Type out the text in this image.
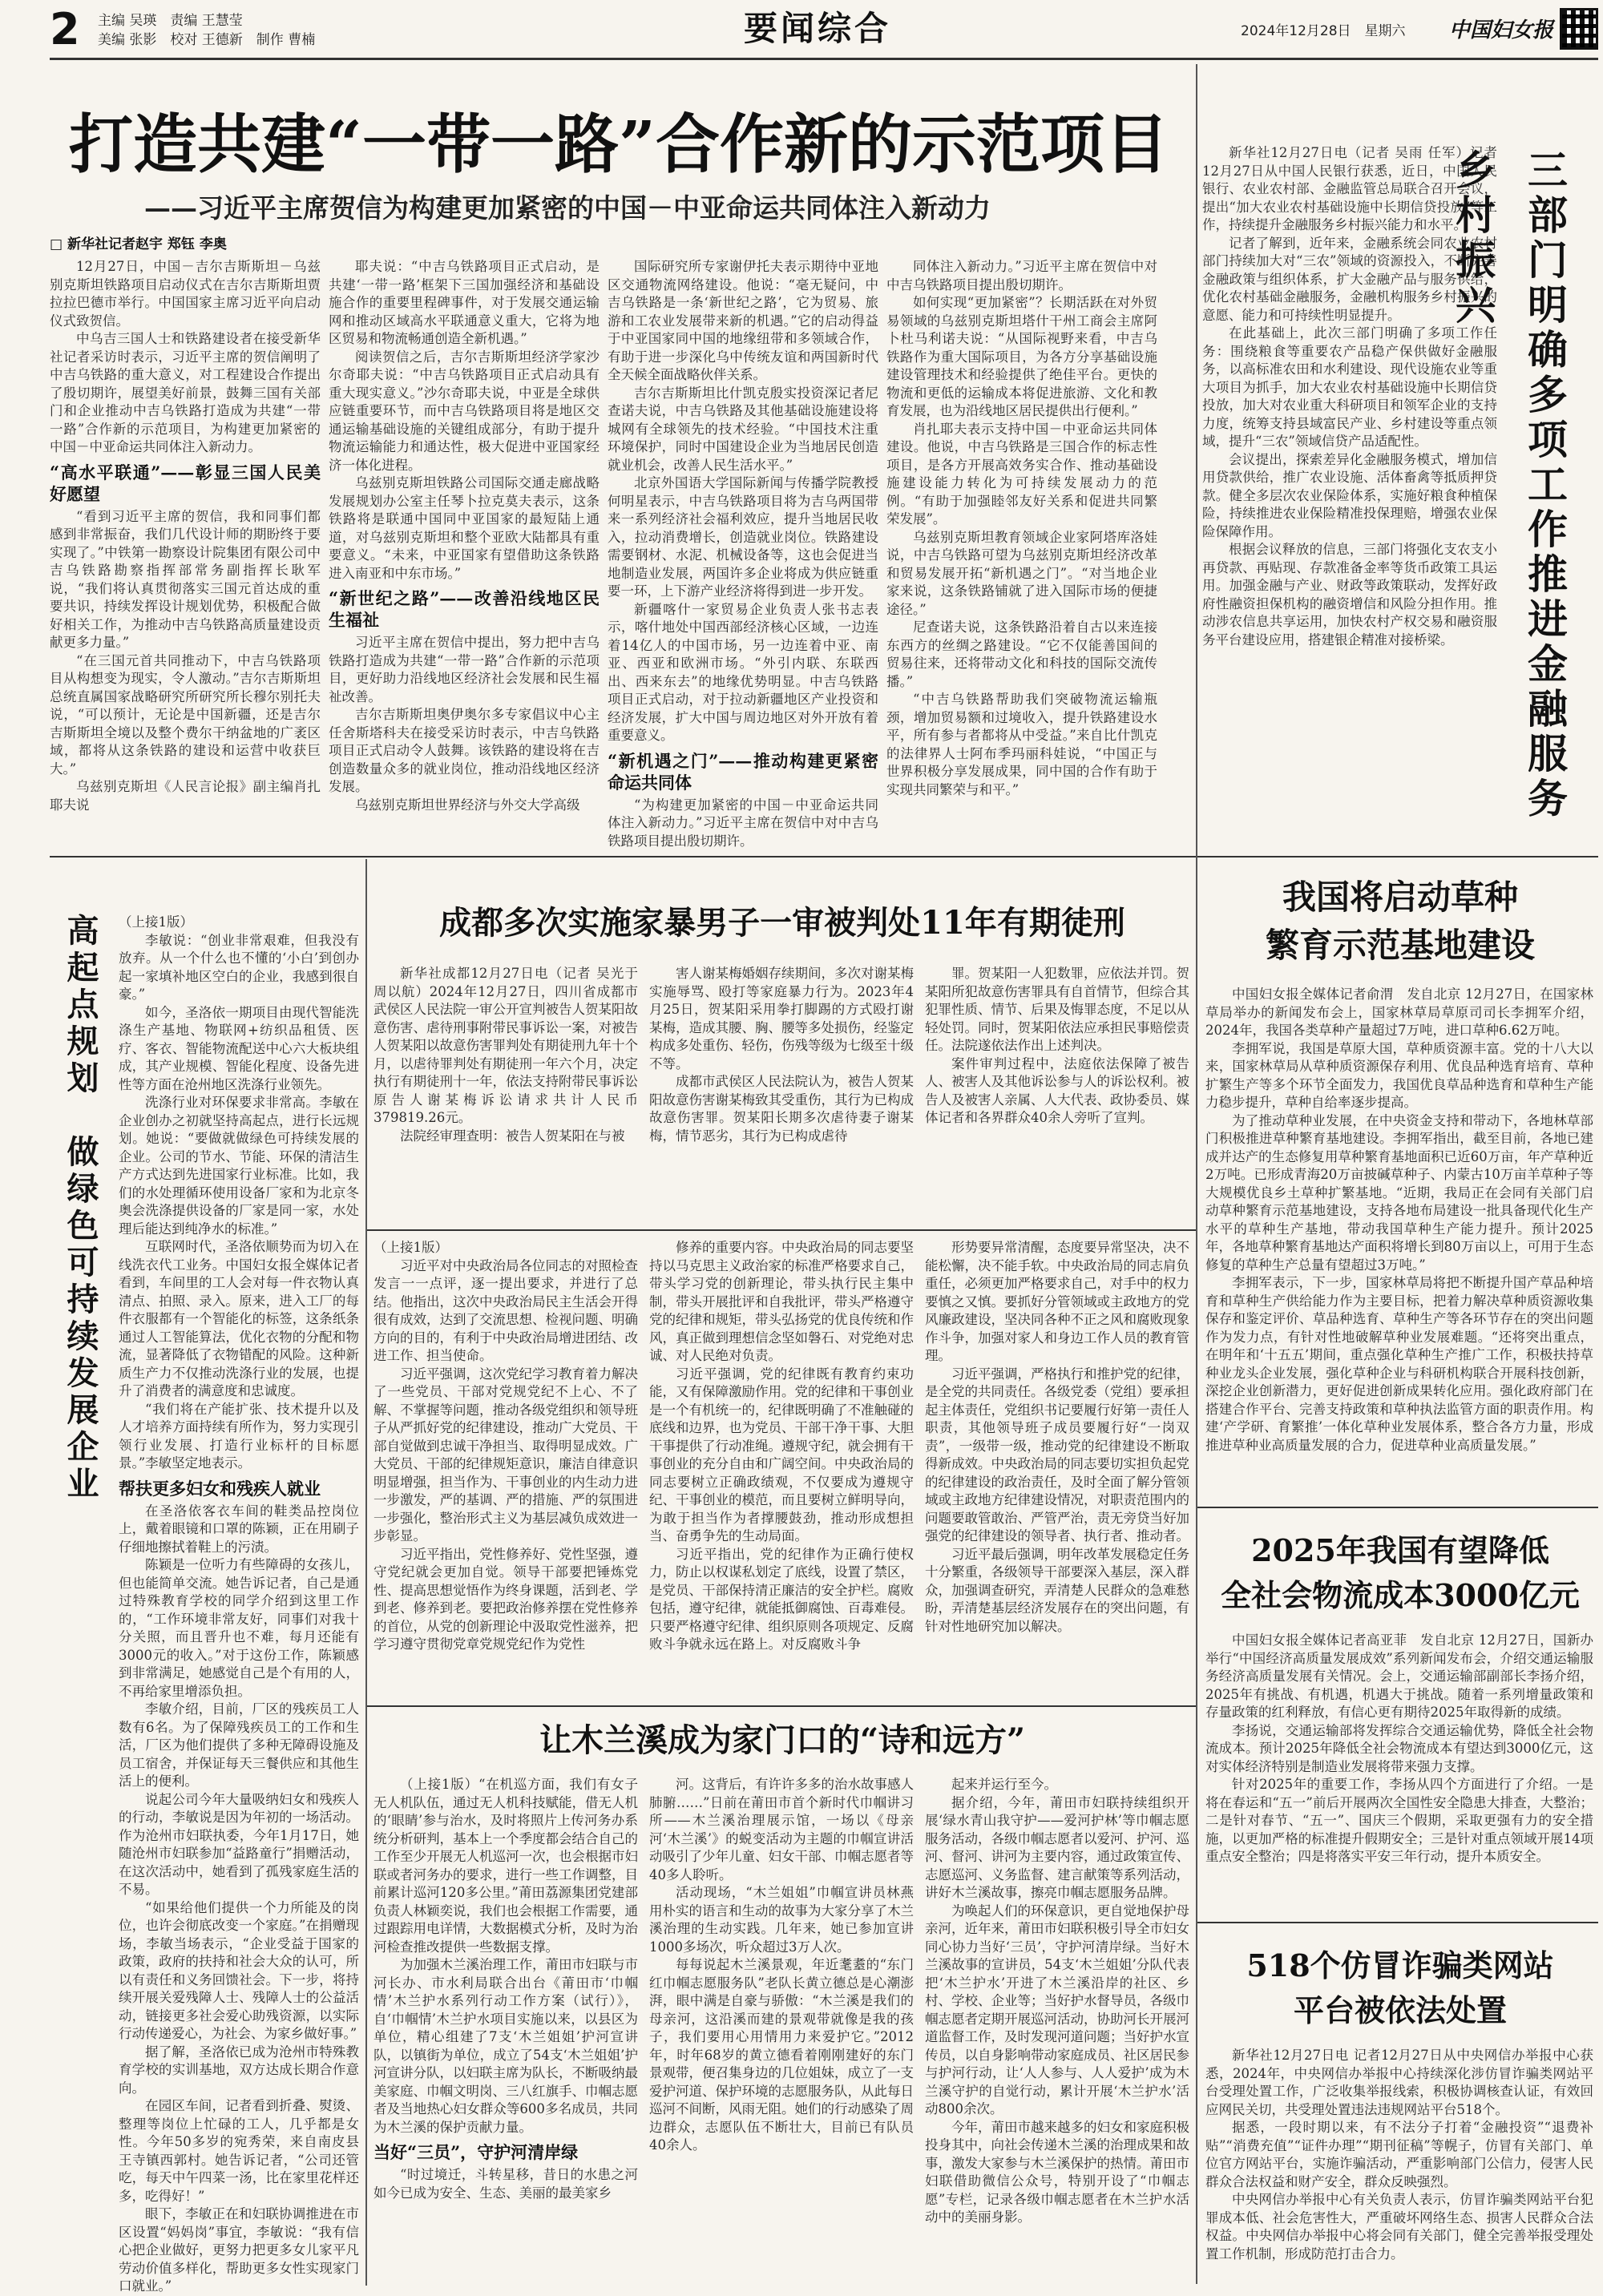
2	主编 吴瑛　责编 王慧莹
美编 张影　校对 王德新　制作 曹楠	要闻综合	2024年12月28日　星期六	中国妇女报
打造共建“一带一路”合作新的示范项目
——习近平主席贺信为构建更加紧密的中国－中亚命运共同体注入新动力
□ 新华社记者赵宇 郑钰 李奥

12月27日，中国－吉尔吉斯斯坦－乌兹别克斯坦铁路项目启动仪式在吉尔吉斯斯坦贾拉拉巴德市举行。中国国家主席习近平向启动仪式致贺信。

中乌吉三国人士和铁路建设者在接受新华社记者采访时表示，习近平主席的贺信阐明了中吉乌铁路的重大意义，对工程建设合作提出了殷切期许，展望美好前景，鼓舞三国有关部门和企业推动中吉乌铁路打造成为共建“一带一路”合作新的示范项目，为构建更加紧密的中国－中亚命运共同体注入新动力。

“高水平联通”——彰显三国人民美好愿望

“看到习近平主席的贺信，我和同事们都感到非常振奋，我们几代设计师的期盼终于要实现了。”中铁第一勘察设计院集团有限公司中吉乌铁路勘察指挥部常务副指挥长耿军说，“我们将认真贯彻落实三国元首达成的重要共识，持续发挥设计规划优势，积极配合做好相关工作，为推动中吉乌铁路高质量建设贡献更多力量。”

“在三国元首共同推动下，中吉乌铁路项目从构想变为现实，令人激动。”吉尔吉斯斯坦总统直属国家战略研究所研究所长穆尔别托夫说，“可以预计，无论是中国新疆，还是吉尔吉斯斯坦全境以及整个费尔干纳盆地的广袤区域，都将从这条铁路的建设和运营中收获巨大。”

乌兹别克斯坦《人民言论报》副主编肖扎耶夫说

耶夫说：“中吉乌铁路项目正式启动，是共建‘一带一路’框架下三国加强经济和基础设施合作的重要里程碑事件，对于发展交通运输网和推动区域高水平联通意义重大，它将为地区贸易和物流畅通创造全新机遇。”

阅读贺信之后，吉尔吉斯斯坦经济学家沙尔奇耶夫说：“中吉乌铁路项目正式启动具有重大现实意义。”沙尔奇耶夫说，中亚是全球供应链重要环节，而中吉乌铁路项目将是地区交通运输基础设施的关键组成部分，有助于提升物流运输能力和通达性，极大促进中亚国家经济一体化进程。

乌兹别克斯坦铁路公司国际交通走廊战略发展规划办公室主任琴卜拉克莫夫表示，这条铁路将是联通中国同中亚国家的最短陆上通道，对乌兹别克斯坦和整个亚欧大陆都具有重要意义。“未来，中亚国家有望借助这条铁路进入南亚和中东市场。”

“新世纪之路”——改善沿线地区民生福祉

习近平主席在贺信中提出，努力把中吉乌铁路打造成为共建“一带一路”合作新的示范项目，更好助力沿线地区经济社会发展和民生福祉改善。

吉尔吉斯斯坦奥伊奥尔多专家倡议中心主任舍斯塔科夫在接受采访时表示，中吉乌铁路项目正式启动令人鼓舞。该铁路的建设将在吉创造数量众多的就业岗位，推动沿线地区经济发展。

乌兹别克斯坦世界经济与外交大学高级

国际研究所专家谢伊托夫表示期待中亚地区交通物流网络建设。他说：“毫无疑问，中吉乌铁路是一条‘新世纪之路’，它为贸易、旅游和工农业发展带来新的机遇。”它的启动得益于中亚国家同中国的地缘纽带和多领域合作，有助于进一步深化乌中传统友谊和两国新时代全天候全面战略伙伴关系。

吉尔吉斯斯坦比什凯克殷实投资深记者尼查诺夫说，中吉乌铁路及其他基础设施建设将城网有全球领先的技术经验。“中国技术注重环境保护，同时中国建设企业为当地居民创造就业机会，改善人民生活水平。”

北京外国语大学国际新闻与传播学院教授何明星表示，中吉乌铁路项目将为吉乌两国带来一系列经济社会福利效应，提升当地居民收入，拉动消费增长，创造就业岗位。铁路建设需要钢材、水泥、机械设备等，这也会促进当地制造业发展，两国许多企业将成为供应链重要一环，上下游产业经济将得到进一步开发。

新疆喀什一家贸易企业负责人张书志表示，喀什地处中国西部经济核心区域，一边连着14亿人的中国市场，另一边连着中亚、南亚、西亚和欧洲市场。“外引内联、东联西出、西来东去”的地缘优势明显。中吉乌铁路项目正式启动，对于拉动新疆地区产业投资和经济发展，扩大中国与周边地区对外开放有着重要意义。

“新机遇之门”——推动构建更紧密命运共同体

“为构建更加紧密的中国－中亚命运共同体注入新动力。”习近平主席在贺信中对中吉乌铁路项目提出殷切期许。

同体注入新动力。”习近平主席在贺信中对中吉乌铁路项目提出殷切期许。

如何实现“更加紧密”？长期活跃在对外贸易领域的乌兹别克斯坦塔什干州工商会主席阿卜杜马利诺夫说：“从国际视野来看，中吉乌铁路作为重大国际项目，为各方分享基础设施建设管理技术和经验提供了绝佳平台。更快的物流和更低的运输成本将促进旅游、文化和教育发展，也为沿线地区居民提供出行便利。”

肖扎耶夫表示支持中国－中亚命运共同体建设。他说，中吉乌铁路是三国合作的标志性项目，是各方开展高效务实合作、推动基础设施建设能力转化为可持续发展动力的范例。“有助于加强睦邻友好关系和促进共同繁荣发展”。

乌兹别克斯坦教育领域企业家阿塔库洛娃说，中吉乌铁路可望为乌兹别克斯坦经济改革和贸易发展开拓“新机遇之门”。“对当地企业家来说，这条铁路铺就了进入国际市场的便捷途径。”

尼查诺夫说，这条铁路沿着自古以来连接东西方的丝绸之路建设。“它不仅能善国间的贸易往来，还将带动文化和科技的国际交流传播。”

“中吉乌铁路帮助我们突破物流运输瓶颈，增加贸易额和过境收入，提升铁路建设水平，所有参与者都将从中受益。”来自比什凯克的法律界人士阿布季玛丽科娃说，“中国正与世界积极分享发展成果，同中国的合作有助于实现共同繁荣与和平。”

新华社12月27日电（记者 吴雨 任军）记者12月27日从中国人民银行获悉，近日，中国人民银行、农业农村部、金融监管总局联合召开会议，提出“加大农业农村基础设施中长期信贷投放”等工作，持续提升金融服务乡村振兴能力和水平。

记者了解到，近年来，金融系统会同农业农村部门持续加大对“三农”领域的资源投入，不断完善金融政策与组织体系，扩大金融产品与服务供给，优化农村基础金融服务，金融机构服务乡村振兴的意愿、能力和可持续性明显提升。

在此基础上，此次三部门明确了多项工作任务：围绕粮食等重要农产品稳产保供做好金融服务，以高标准农田和水利建设、现代设施农业等重大项目为抓手，加大农业农村基础设施中长期信贷投放，加大对农业重大科研项目和领军企业的支持力度，统筹支持县域富民产业、乡村建设等重点领域，提升“三农”领域信贷产品适配性。

会议提出，探索差异化金融服务模式，增加信用贷款供给，推广农业设施、活体畜禽等抵质押贷款。健全多层次农业保险体系，实施好粮食种植保险，持续推进农业保险精准投保理赔，增强农业保险保障作用。

根据会议释放的信息，三部门将强化支农支小再贷款、再贴现、存款准备金率等货币政策工具运用。加强金融与产业、财政等政策联动，发挥好政府性融资担保机构的融资增信和风险分担作用。推动涉农信息共享运用，加快农村产权交易和融资服务平台建设应用，搭建银企精准对接桥梁。	三部门明确多项工作推进金融服务乡村振兴
高起点规划　做绿色可持续发展企业	（上接1版）

李敏说：“创业非常艰难，但我没有放弃。从一个什么也不懂的‘小白’到创办起一家填补地区空白的企业，我感到很自豪。”

如今，圣洛依一期项目由现代智能洗涤生产基地、物联网+纺织品租赁、医疗、客衣、智能物流配送中心六大板块组成，其产业规模、智能化程度、设备先进性等方面在沧州地区洗涤行业领先。

洗涤行业对环保要求非常高。李敏在企业创办之初就坚持高起点，进行长远规划。她说：“要做就做绿色可持续发展的企业。公司的节水、节能、环保的清洁生产方式达到先进国家行业标准。比如，我们的水处理循环使用设备厂家和为北京冬奥会洗涤提供设备的厂家是同一家，水处理后能达到纯净水的标准。”

互联网时代，圣洛依顺势而为切入在线洗衣代工业务。中国妇女报全媒体记者看到，车间里的工人会对每一件衣物认真清点、拍照、录入。原来，进入工厂的每件衣服都有一个智能化的标签，这条纸条通过人工智能算法，优化衣物的分配和物流，显著降低了衣物错配的风险。这种新质生产力不仅推动洗涤行业的发展，也提升了消费者的满意度和忠诚度。

“我们将在产能扩张、技术提升以及人才培养方面持续有所作为，努力实现引领行业发展、打造行业标杆的目标愿景。”李敏坚定地表示。

帮扶更多妇女和残疾人就业

在圣洛依客衣车间的鞋类品控岗位上，戴着眼镜和口罩的陈颖，正在用刷子仔细地擦拭着鞋上的污渍。

陈颖是一位听力有些障碍的女孩儿，但也能简单交流。她告诉记者，自己是通过特殊教育学校的同学介绍到这里工作的，“工作环境非常友好，同事们对我十分关照，而且晋升也不难，每月还能有3000元的收入。”对于这份工作，陈颖感到非常满足，她感觉自己是个有用的人，不再给家里增添负担。

李敏介绍，目前，厂区的残疾员工人数有6名。为了保障残疾员工的工作和生活，厂区为他们提供了多种无障碍设施及员工宿舍，并保证每天三餐供应和其他生活上的便利。

说起公司今年大量吸纳妇女和残疾人的行动，李敏说是因为年初的一场活动。作为沧州市妇联执委，今年1月17日，她随沧州市妇联参加“益路童行”捐赠活动，在这次活动中，她看到了孤残家庭生活的不易。

“如果给他们提供一个力所能及的岗位，也许会彻底改变一个家庭。”在捐赠现场，李敏当场表示，“企业受益于国家的政策，政府的扶持和社会大众的认可，所以有责任和义务回馈社会。下一步，将持续开展关爱残障人士、残障人士的公益活动，链接更多社会爱心助残资源，以实际行动传递爱心，为社会、为家乡做好事。”

据了解，圣洛依已成为沧州市特殊教育学校的实训基地，双方达成长期合作意向。

在园区车间，记者看到折叠、熨烫、整理等岗位上忙碌的工人，几乎都是女性。今年50多岁的宛秀荣，来自南皮县王寺镇西郭村。她告诉记者，“公司还管吃，每天中午四菜一汤，比在家里花样还多，吃得好！”

眼下，李敏正在和妇联协调推进在市区设置“妈妈岗”事宜，李敏说：“我有信心把企业做好，更努力把更多女儿家平凡劳动价值多样化，帮助更多女性实现家门口就业。”

成都多次实施家暴男子一审被判处11年有期徒刑

新华社成都12月27日电（记者 吴光于 周以航）2024年12月27日，四川省成都市武侯区人民法院一审公开宣判被告人贺某阳故意伤害、虐待刑事附带民事诉讼一案，对被告人贺某阳以故意伤害罪判处有期徒刑九年十个月，以虐待罪判处有期徒刑一年六个月，决定执行有期徒刑十一年，依法支持附带民事诉讼原告人谢某梅诉讼请求共计人民币379819.26元。

法院经审理查明：被告人贺某阳在与被

害人谢某梅婚姻存续期间，多次对谢某梅实施辱骂、殴打等家庭暴力行为。2023年4月25日，贺某阳采用拳打脚踢的方式殴打谢某梅，造成其腰、胸、腰等多处损伤，经鉴定构成多处重伤、轻伤，伤残等级为七级至十级不等。

成都市武侯区人民法院认为，被告人贺某阳故意伤害谢某梅致其受重伤，其行为已构成故意伤害罪。贺某阳长期多次虐待妻子谢某梅，情节恶劣，其行为已构成虐待

罪。贺某阳一人犯数罪，应依法并罚。贺某阳所犯故意伤害罪具有自首情节，但综合其犯罪性质、情节、后果及悔罪态度，不足以从轻处罚。同时，贺某阳依法应承担民事赔偿责任。法院遂依法作出上述判决。

案件审判过程中，法庭依法保障了被告人、被害人及其他诉讼参与人的诉讼权利。被告人及被害人亲属、人大代表、政协委员、媒体记者和各界群众40余人旁听了宣判。

（上接1版）

习近平对中央政治局各位同志的对照检查发言一一点评，逐一提出要求，并进行了总结。他指出，这次中央政治局民主生活会开得很有成效，达到了交流思想、检视问题、明确方向的目的，有利于中央政治局增进团结、改进工作、担当使命。

习近平强调，这次党纪学习教育着力解决了一些党员、干部对党规党纪不上心、不了解、不掌握等问题，推动各级党组织和领导班子从严抓好党的纪律建设，推动广大党员、干部自觉做到忠诚干净担当、取得明显成效。广大党员、干部的纪律规矩意识，廉洁自律意识明显增强，担当作为、干事创业的内生动力进一步激发，严的基调、严的措施、严的氛围进一步强化，整治形式主义为基层减负成效进一步彰显。

习近平指出，党性修养好、党性坚强，遵守党纪就会更加自觉。领导干部要把锤炼党性、提高思想觉悟作为终身课题，活到老、学到老、修养到老。要把政治修养摆在党性修养的首位，从党的创新理论中汲取党性滋养，把学习遵守贯彻党章党规党纪作为党性

修养的重要内容。中央政治局的同志要坚持以马克思主义政治家的标准严格要求自己，带头学习党的创新理论，带头执行民主集中制，带头开展批评和自我批评，带头严格遵守党的纪律和规矩，带头弘扬党的优良传统和作风，真正做到理想信念坚如磐石、对党绝对忠诚、对人民绝对负责。

习近平强调，党的纪律既有教育约束功能，又有保障激励作用。党的纪律和干事创业是一个有机统一的，纪律既明确了不准触碰的底线和边界，也为党员、干部干净干事、大胆干事提供了行动准绳。遵规守纪，就会拥有干事创业的充分自由和广阔空间。中央政治局的同志要树立正确政绩观，不仅要成为遵规守纪、干事创业的模范，而且要树立鲜明导向，为敢于担当作为者撑腰鼓劲，推动形成想担当、奋勇争先的生动局面。

习近平指出，党的纪律作为正确行使权力，防止以权谋私划定了底线，设置了禁区，是党员、干部保持清正廉洁的安全护栏。腐败包括，遵守纪律，就能抵御腐蚀、百毒难侵。只要严格遵守纪律、组织原则各项规定、反腐败斗争就永远在路上。对反腐败斗争

形势要异常清醒，态度要异常坚决，决不能松懈，决不能手软。中央政治局的同志肩负重任，必须更加严格要求自己，对手中的权力要慎之又慎。要抓好分管领域或主政地方的党风廉政建设，坚决同各种不正之风和腐败现象作斗争，加强对家人和身边工作人员的教育管理。

习近平强调，严格执行和推护党的纪律，是全党的共同责任。各级党委（党组）要承担起主体责任，党组织书记要履行好第一责任人职责，其他领导班子成员要履行好“一岗双责”，一级带一级，推动党的纪律建设不断取得新成效。中央政治局的同志要切实担负起党的纪律建设的政治责任，及时全面了解分管领域或主政地方纪律建设情况，对职责范围内的问题要敢管敢治、严管严治，责无旁贷当好加强党的纪律建设的领导者、执行者、推动者。

习近平最后强调，明年改革发展稳定任务十分繁重，各级领导干部要深入基层，深入群众，加强调查研究，弄清楚人民群众的急难愁盼，弄清楚基层经济发展存在的突出问题，有针对性地研究加以解决。

让木兰溪成为家门口的“诗和远方”

（上接1版）“在机巡方面，我们有女子无人机队伍，通过无人机科技赋能，借无人机的‘眼睛’参与治水，及时将照片上传河务办系统分析研判，基本上一个季度都会结合自己的工作至少开展无人机巡河一次，也会根据市妇联或者河务办的要求，进行一些工作调整，目前累计巡河120多公里。”莆田荔源集团党建部负责人林颖奕说，我们也会根据工作需要，通过跟踪用电详情，大数据模式分析，及时为治河检查推改提供一些数据支撑。

为加强木兰溪治理工作，莆田市妇联与市河长办、市水利局联合出台《莆田市‘巾帼情’木兰护水系列行动工作方案（试行）》，自‘巾帼情’木兰护水项目实施以来，以县区为单位，精心组建了7支‘木兰姐姐’护河宣讲队，以镇街为单位，成立了54支‘木兰姐姐’护河宣讲分队，以妇联主席为队长，不断吸纳最美家庭、巾帼文明岗、三八红旗手、巾帼志愿者及当地热心妇女群众等600多名成员，共同为木兰溪的保护贡献力量。

当好“三员”，守护河清岸绿

“时过境迁，斗转星移，昔日的水患之河如今已成为安全、生态、美丽的最美家乡

河。这背后，有许许多多的治水故事感人肺腑……”日前在莆田市首个新时代巾帼讲习所——木兰溪治理展示馆，一场以《母亲河‘木兰溪’》的蜕变活动为主题的巾帼宣讲活动吸引了少年儿童、妇女干部、巾帼志愿者等40多人聆听。

活动现场，“木兰姐姐”巾帼宣讲员林燕用朴实的语言和生动的故事为大家分享了木兰溪治理的生动实践。几年来，她已参加宣讲1000多场次，听众超过3万人次。

每每说起木兰溪景观，年近耄耋的“东门红巾帼志愿服务队”老队长黄立德总是心潮澎湃，眼中满是自豪与骄傲：“木兰溪是我们的母亲河，这沿溪而建的景观带就像是我的孩子，我们要用心用情用力来爱护它。”2012年，时年68岁的黄立德看着刚刚建好的东门景观带，便召集身边的几位姐妹，成立了一支爱护河道、保护环境的志愿服务队，从此每日巡河不间断，风雨无阻。她们的行动感染了周边群众，志愿队伍不断壮大，目前已有队员40余人。

起来并运行至今。

据介绍，今年，莆田市妇联持续组织开展‘绿水青山我守护——爱河护林’等巾帼志愿服务活动，各级巾帼志愿者以爱河、护河、巡河、督河、讲河为主要内容，通过政策宣传、志愿巡河、义务监督、建言献策等系列活动，讲好木兰溪故事，擦亮巾帼志愿服务品牌。

为唤起人们的环保意识，更自觉地保护母亲河，近年来，莆田市妇联积极引导全市妇女同心协力当好‘三员’，守护河清岸绿。当好木兰溪故事的宣讲员，54支‘木兰姐姐’分队代表把‘木兰护水’开进了木兰溪沿岸的社区、乡村、学校、企业等；当好护水督导员，各级巾帼志愿者定期开展巡河活动，协助河长开展河道监督工作，及时发现河道问题；当好护水宣传员，以自身影响带动家庭成员、社区居民参与护河行动，让‘人人参与、人人爱护’成为木兰溪守护的自觉行动，累计开展‘木兰护水’活动800余次。

今年，莆田市越来越多的妇女和家庭积极投身其中，向社会传递木兰溪的治理成果和故事，激发大家参与木兰溪保护的热情。莆田市妇联借助微信公众号，特别开设了“巾帼志愿”专栏，记录各级巾帼志愿者在木兰护水活动中的美丽身影。

我国将启动草种
繁育示范基地建设

中国妇女报全媒体记者俞渭　发自北京 12月27日，在国家林草局举办的新闻发布会上，国家林草局草原司司长李拥军介绍，2024年，我国各类草种产量超过7万吨，进口草种6.62万吨。

李拥军说，我国是草原大国，草种质资源丰富。党的十八大以来，国家林草局从草种质资源保存利用、优良品种选育培育、草种扩繁生产等多个环节全面发力，我国优良草品种选育和草种生产能力稳步提升，草种自给率逐步提高。

为了推动草种业发展，在中央资金支持和带动下，各地林草部门积极推进草种繁育基地建设。李拥军指出，截至目前，各地已建成并达产的生态修复用草种繁育基地面积已近60万亩，年产草种近2万吨。已形成青海20万亩披碱草种子、内蒙古10万亩羊草种子等大规模优良乡土草种扩繁基地。“近期，我局正在会同有关部门启动草种繁育示范基地建设，支持各地布局建设一批具备现代化生产水平的草种生产基地，带动我国草种生产能力提升。预计2025年，各地草种繁育基地达产面积将增长到80万亩以上，可用于生态修复的草种生产总量有望超过3万吨。”

李拥军表示，下一步，国家林草局将把不断提升国产草品种培育和草种生产供给能力作为主要目标，把着力解决草种质资源收集保存和鉴定评价、草品种选育、草种生产等各环节存在的突出问题作为发力点，有针对性地破解草种业发展难题。“还将突出重点，在明年和‘十五五’期间，重点强化草种生产推广工作，积极扶持草种业龙头企业发展，强化草种企业与科研机构联合开展科技创新，深挖企业创新潜力，更好促进创新成果转化应用。强化政府部门在搭建合作平台、完善支持政策和草种执法监管方面的职责作用。构建‘产学研、育繁推’一体化草种业发展体系，整合各方力量，形成推进草种业高质量发展的合力，促进草种业高质量发展。”

2025年我国有望降低
全社会物流成本3000亿元

中国妇女报全媒体记者高亚菲　发自北京 12月27日，国新办举行“中国经济高质量发展成效”系列新闻发布会，介绍交通运输服务经济高质量发展有关情况。会上，交通运输部副部长李扬介绍，2025年有挑战、有机遇，机遇大于挑战。随着一系列增量政策和存量政策的红利释放，有信心更有期待2025年取得新的成绩。

李扬说，交通运输部将发挥综合交通运输优势，降低全社会物流成本。预计2025年降低全社会物流成本有望达到3000亿元，这对实体经济特别是制造业发展将带来强力支撑。

针对2025年的重要工作，李扬从四个方面进行了介绍。一是将在春运和“五一”前后开展两次全国性安全隐患大排查，大整治；二是针对春节、“五一”、国庆三个假期，采取更强有力的安全措施，以更加严格的标准提升假期安全；三是针对重点领域开展14项重点安全整治；四是将落实平安三年行动，提升本质安全。

518个仿冒诈骗类网站
平台被依法处置

新华社12月27日电 记者12月27日从中央网信办举报中心获悉，2024年，中央网信办举报中心持续深化涉仿冒诈骗类网站平台受理处置工作，广泛收集举报线索，积极协调核查认证，有效回应网民关切，共受理处置违法违规网站平台518个。

据悉，一段时期以来，有不法分子打着“金融投资”“退费补贴”“消费充值”“证件办理”“期刊征稿”等幌子，仿冒有关部门、单位官方网站平台，实施诈骗活动，严重影响部门公信力，侵害人民群众合法权益和财产安全，群众反映强烈。

中央网信办举报中心有关负责人表示，仿冒诈骗类网站平台犯罪成本低、社会危害性大，严重破坏网络生态、损害人民群众合法权益。中央网信办举报中心将会同有关部门，健全完善举报受理处置工作机制，形成防范打击合力。
